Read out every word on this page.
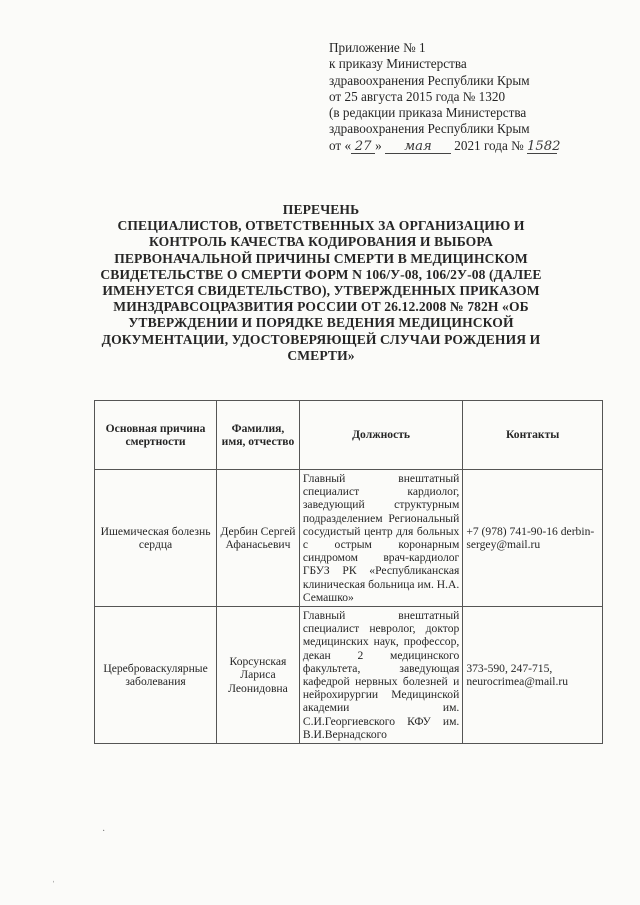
Приложение № 1
к приказу Министерства
здравоохранения Республики Крым
от 25 августа 2015 года № 1320
(в редакции приказа Министерства
здравоохранения Республики Крым
от « 27 » мая 2021 года № 1582
ПЕРЕЧЕНЬ
СПЕЦИАЛИСТОВ, ОТВЕТСТВЕННЫХ ЗА ОРГАНИЗАЦИЮ И КОНТРОЛЬ КАЧЕСТВА КОДИРОВАНИЯ И ВЫБОРА ПЕРВОНАЧАЛЬНОЙ ПРИЧИНЫ СМЕРТИ В МЕДИЦИНСКОМ СВИДЕТЕЛЬСТВЕ О СМЕРТИ ФОРМ N 106/У-08, 106/2У-08 (ДАЛЕЕ ИМЕНУЕТСЯ СВИДЕТЕЛЬСТВО), УТВЕРЖДЕННЫХ ПРИКАЗОМ МИНЗДРАВСОЦРАЗВИТИЯ РОССИИ ОТ 26.12.2008 № 782Н «ОБ УТВЕРЖДЕНИИ И ПОРЯДКЕ ВЕДЕНИЯ МЕДИЦИНСКОЙ ДОКУМЕНТАЦИИ, УДОСТОВЕРЯЮЩЕЙ СЛУЧАИ РОЖДЕНИЯ И СМЕРТИ»
Основная причина смертности	Фамилия, имя, отчество	Должность	Контакты
Ишемическая болезнь сердца	Дербин Сергей Афанасьевич	Главный внештатный специалист кардиолог, заведующий структурным подразделением Региональный сосудистый центр для больных с острым коронарным синдромом врач-кардиолог ГБУЗ РК «Республиканская клиническая больница им. Н.А. Семашко»	+7 (978) 741-90-16 derbin-sergey@mail.ru
Цереброваскулярные заболевания	Корсунская Лариса Леонидовна	Главный внештатный специалист невролог, доктор медицинских наук, профессор, декан 2 медицинского факультета, заведующая кафедрой нервных болезней и нейрохирургии Медицинской академии им. С.И.Георгиевского КФУ им. В.И.Вернадского	373-590, 247-715, neurocrimea@mail.ru
·
ˈ
